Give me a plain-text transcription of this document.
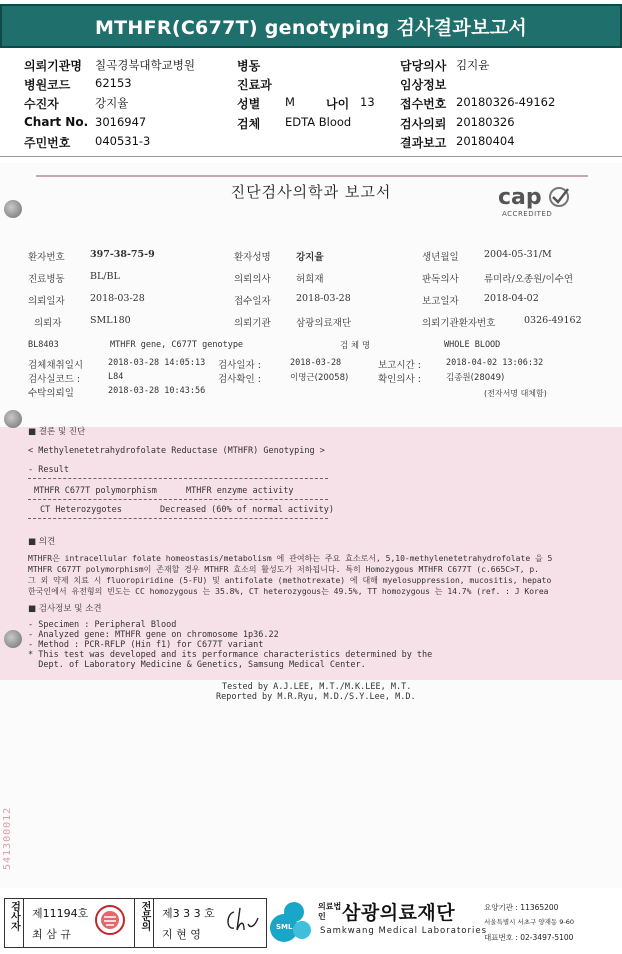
MTHFR(C677T) genotyping 검사결과보고서
의뢰기관명 칠곡경북대학교병원	병동	담당의사 김지윤
병원코드 62153	진료과	임상정보
수진자	강지율	성별 M	나이 13 접수번호 20180326-49162
Chart No. 3016947	검체 EDTA Blood	검사의뢰 20180326
주민번호 040531-3	결과보고 20180404
진단검사의학과 보고서	cap
ACCREDITED
환자번호	397-38-75-9	환자성명	강지율	생년월일	2004-05-31/M
진료병동	BL/BL	의뢰의사	허희재	판독의사	류미라/오종원/이수연
의뢰일자	2018-03-28	접수일자	2018-03-28	보고일자	2018-04-02
의뢰자	SML180	의뢰기관	삼광의료재단	의뢰기관환자번호	0326-49162
BL8403	MTHFR gene, C677T genotype	검 체 명	WHOLE BLOOD
검체채취일시	2018-03-28 14:05:13 검사일자 :	2018-03-28	보고시간 :	2018-04-02 13:06:32
검사실코드 :	L84	검사확인 :	이명근(20058)	확인의사 :	김종원(28049)
수탁의뢰일	2018-03-28 10:43:56	(전자서명 대체함)
■ 결론 및 진단
< Methylenetetrahydrofolate Reductase (MTHFR) Genotyping >
- Result
MTHFR C677T polymorphism	MTHFR enzyme activity
CT Heterozygotes	Decreased (60% of normal activity)
■ 의견
MTHFR은 intracellular folate homeostasis/metabolism 에 관여하는 주요 효소로서, 5,10-methylenetetrahydrofolate 을 5
MTHFR C677T polymorphism이 존재할 경우 MTHFR 효소의 활성도가 저하됩니다. 특히 Homozygous MTHFR C677T (c.665C>T, p.
그 외 약제 치료 시 fluoropiridine (5-FU) 및 antifolate (methotrexate) 에 대해 myelosuppression, mucositis, hepato
한국인에서 유전형의 빈도는 CC homozygous 는 35.8%, CT heterozygous는 49.5%, TT homozygous 는 14.7% (ref. : J Korea
■ 검사정보 및 소견
- Specimen : Peripheral Blood
- Analyzed gene: MTHFR gene on chromosome 1p36.22
- Method : PCR-RFLP (Hin f1) for C677T variant
* This test was developed and its performance characteristics determined by the
Dept. of Laboratory Medicine & Genetics, Samsung Medical Center.
Tested by A.J.LEE, M.T./M.K.LEE, M.T.
Reported by M.R.Ryu, M.D./S.Y.Lee, M.D.
541300012
검사자 제11194호
최 삼 규
전문의 제3 3 3 호
지 현 영
SML
의료법인 삼광의료재단
Samkwang Medical Laboratories
요양기관 : 11365200
서울특별시 서초구 양재동 9-60
대표번호 : 02-3497-5100
